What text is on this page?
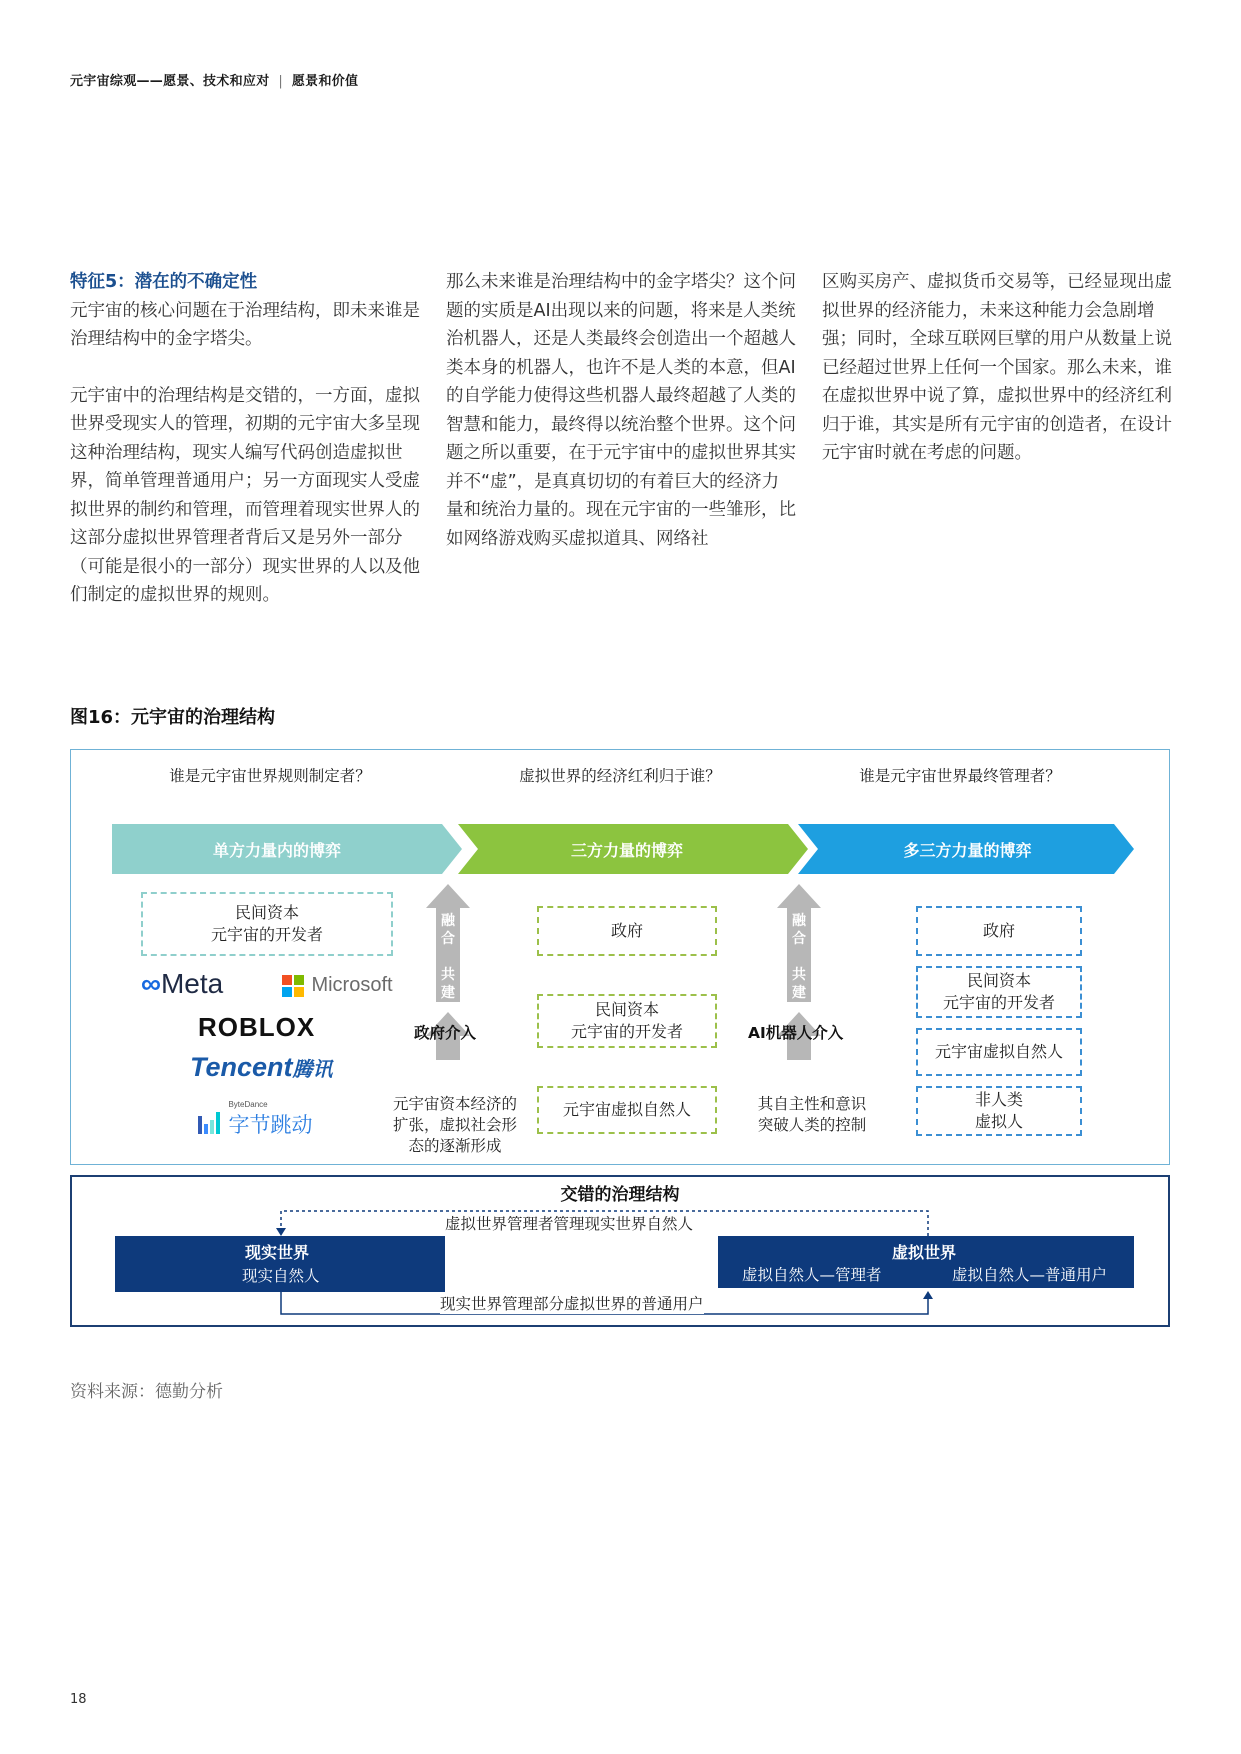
元宇宙综观——愿景、技术和应对 | 愿景和价值

特征5：潜在的不确定性
元宇宙的核心问题在于治理结构，即未来谁是治理结构中的金字塔尖。

元宇宙中的治理结构是交错的，一方面，虚拟世界受现实人的管理，初期的元宇宙大多呈现这种治理结构，现实人编写代码创造虚拟世界，简单管理普通用户；另一方面现实人受虚拟世界的制约和管理，而管理着现实世界人的这部分虚拟世界管理者背后又是另外一部分（可能是很小的一部分）现实世界的人以及他们制定的虚拟世界的规则。

那么未来谁是治理结构中的金字塔尖？这个问题的实质是AI出现以来的问题，将来是人类统治机器人，还是人类最终会创造出一个超越人类本身的机器人，也许不是人类的本意，但AI的自学能力使得这些机器人最终超越了人类的智慧和能力，最终得以统治整个世界。这个问题之所以重要，在于元宇宙中的虚拟世界其实并不“虚”，是真真切切的有着巨大的经济力量和统治力量的。现在元宇宙的一些雏形，比如网络游戏购买虚拟道具、网络社

区购买房产、虚拟货币交易等，已经显现出虚拟世界的经济能力，未来这种能力会急剧增强；同时，全球互联网巨擘的用户从数量上说已经超过世界上任何一个国家。那么未来，谁在虚拟世界中说了算，虚拟世界中的经济红利归于谁，其实是所有元宇宙的创造者，在设计元宇宙时就在考虑的问题。

图16：元宇宙的治理结构
谁是元宇宙世界规则制定者？	虚拟世界的经济红利归于谁？	谁是元宇宙世界最终管理者？
单方力量内的博弈	三方力量的博弈	多三方力量的博弈
民间资本
元宇宙的开发者
∞Meta	Microsoft
ROBLOX
Tencent腾讯

ByteDance
字节跳动
融
合

共
建
政府介入
元宇宙资本经济的
扩张，虚拟社会形
态的逐渐形成
政府
民间资本
元宇宙的开发者
元宇宙虚拟自然人
融
合

共
建
AI机器人介入
其自主性和意识
突破人类的控制
政府
民间资本
元宇宙的开发者
元宇宙虚拟自然人
非人类
虚拟人
交错的治理结构
虚拟世界管理者管理现实世界自然人
现实世界管理部分虚拟世界的普通用户
现实世界
现实自然人
虚拟世界
虚拟自然人—管理者	虚拟自然人—普通用户
资料来源：德勤分析
18
